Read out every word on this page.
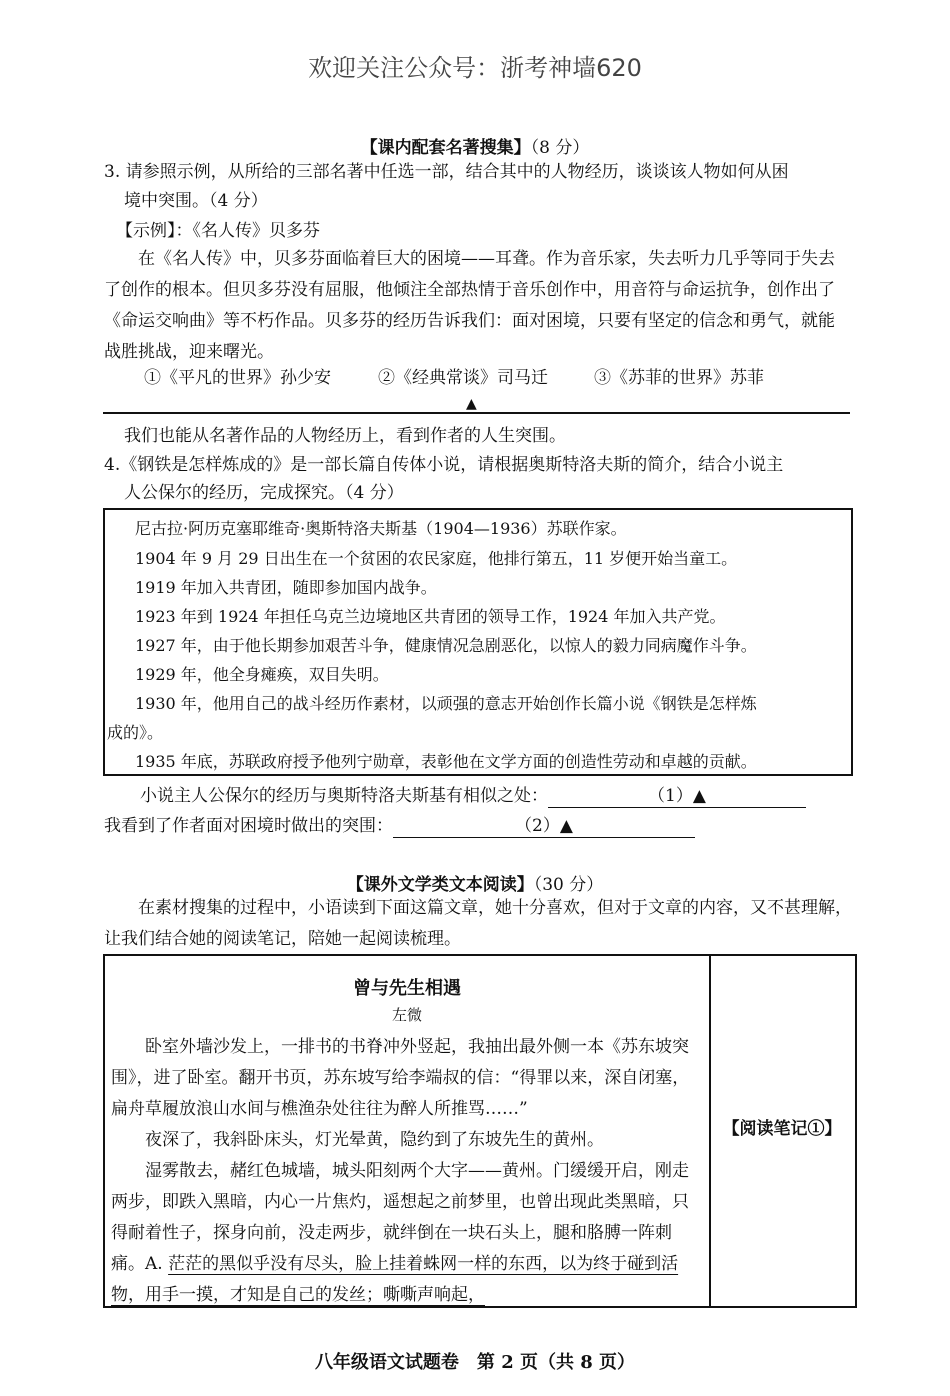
欢迎关注公众号：浙考神墙620
【课内配套名著搜集】（8 分）
3. 请参照示例，从所给的三部名著中任选一部，结合其中的人物经历，谈谈该人物如何从困
境中突围。（4 分）
【示例】：《名人传》贝多芬
在《名人传》中，贝多芬面临着巨大的困境——耳聋。作为音乐家，失去听力几乎等同于失去了创作的根本。但贝多芬没有屈服，他倾注全部热情于音乐创作中，用音符与命运抗争，创作出了《命运交响曲》等不朽作品。贝多芬的经历告诉我们：面对困境，只要有坚定的信念和勇气，就能战胜挑战，迎来曙光。
①《平凡的世界》孙少安	②《经典常谈》司马迁	③《苏菲的世界》苏菲
▲
我们也能从名著作品的人物经历上，看到作者的人生突围。
4.《钢铁是怎样炼成的》是一部长篇自传体小说，请根据奥斯特洛夫斯的简介，结合小说主
人公保尔的经历，完成探究。（4 分）
尼古拉·阿历克塞耶维奇·奥斯特洛夫斯基（1904—1936）苏联作家。
1904 年 9 月 29 日出生在一个贫困的农民家庭，他排行第五，11 岁便开始当童工。
1919 年加入共青团，随即参加国内战争。
1923 年到 1924 年担任乌克兰边境地区共青团的领导工作，1924 年加入共产党。
1927 年，由于他长期参加艰苦斗争，健康情况急剧恶化，以惊人的毅力同病魔作斗争。
1929 年，他全身瘫痪，双目失明。
1930 年，他用自己的战斗经历作素材，以顽强的意志开始创作长篇小说《钢铁是怎样炼
成的》。
1935 年底，苏联政府授予他列宁勋章，表彰他在文学方面的创造性劳动和卓越的贡献。
小说主人公保尔的经历与奥斯特洛夫斯基有相似之处：	（1）▲
我看到了作者面对困境时做出的突围：	（2）▲
【课外文学类文本阅读】（30 分）
在素材搜集的过程中，小语读到下面这篇文章，她十分喜欢，但对于文章的内容，又不甚理解，让我们结合她的阅读笔记，陪她一起阅读梳理。
曾与先生相遇
左微

卧室外墙沙发上，一排书的书脊冲外竖起，我抽出最外侧一本《苏东坡突围》，进了卧室。翻开书页，苏东坡写给李端叔的信：“得罪以来，深自闭塞，扁舟草履放浪山水间与樵渔杂处往往为醉人所推骂……”

夜深了，我斜卧床头，灯光晕黄，隐约到了东坡先生的黄州。

湿雾散去，赭红色城墙，城头阳刻两个大字——黄州。门缓缓开启，刚走两步，即跌入黑暗，内心一片焦灼，遥想起之前梦里，也曾出现此类黑暗，只得耐着性子，探身向前，没走两步，就绊倒在一块石头上，腿和胳膊一阵刺痛。A. 茫茫的黑似乎没有尽头，脸上挂着蛛网一样的东西，以为终于碰到活物，用手一摸，才知是自己的发丝；嘶嘶声响起，

【阅读笔记①】
八年级语文试题卷　第 2 页（共 8 页）
